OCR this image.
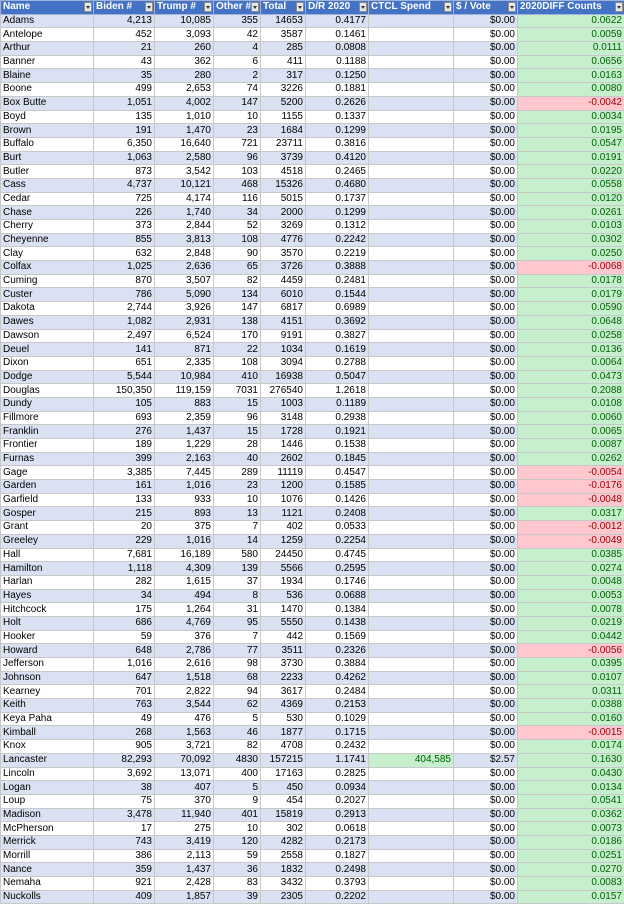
Name	Biden #	Trump #	Other #	Total	D/R 2020	CTCL Spend	$ / Vote	2020DIFF Counts

Adams	4,213	10,085	355	14653	0.4177		$0.00	0.0622
Antelope	452	3,093	42	3587	0.1461		$0.00	0.0059
Arthur	21	260	4	285	0.0808		$0.00	0.0111
Banner	43	362	6	411	0.1188		$0.00	0.0656
Blaine	35	280	2	317	0.1250		$0.00	0.0163
Boone	499	2,653	74	3226	0.1881		$0.00	0.0080
Box Butte	1,051	4,002	147	5200	0.2626		$0.00	-0.0042
Boyd	135	1,010	10	1155	0.1337		$0.00	0.0034
Brown	191	1,470	23	1684	0.1299		$0.00	0.0195
Buffalo	6,350	16,640	721	23711	0.3816		$0.00	0.0547
Burt	1,063	2,580	96	3739	0.4120		$0.00	0.0191
Butler	873	3,542	103	4518	0.2465		$0.00	0.0220
Cass	4,737	10,121	468	15326	0.4680		$0.00	0.0558
Cedar	725	4,174	116	5015	0.1737		$0.00	0.0120
Chase	226	1,740	34	2000	0.1299		$0.00	0.0261
Cherry	373	2,844	52	3269	0.1312		$0.00	0.0103
Cheyenne	855	3,813	108	4776	0.2242		$0.00	0.0302
Clay	632	2,848	90	3570	0.2219		$0.00	0.0250
Colfax	1,025	2,636	65	3726	0.3888		$0.00	-0.0068
Cuming	870	3,507	82	4459	0.2481		$0.00	0.0178
Custer	786	5,090	134	6010	0.1544		$0.00	0.0179
Dakota	2,744	3,926	147	6817	0.6989		$0.00	0.0590
Dawes	1,082	2,931	138	4151	0.3692		$0.00	0.0648
Dawson	2,497	6,524	170	9191	0.3827		$0.00	0.0258
Deuel	141	871	22	1034	0.1619		$0.00	0.0136
Dixon	651	2,335	108	3094	0.2788		$0.00	0.0064
Dodge	5,544	10,984	410	16938	0.5047		$0.00	0.0473
Douglas	150,350	119,159	7031	276540	1.2618		$0.00	0.2088
Dundy	105	883	15	1003	0.1189		$0.00	0.0108
Fillmore	693	2,359	96	3148	0.2938		$0.00	0.0060
Franklin	276	1,437	15	1728	0.1921		$0.00	0.0065
Frontier	189	1,229	28	1446	0.1538		$0.00	0.0087
Furnas	399	2,163	40	2602	0.1845		$0.00	0.0262
Gage	3,385	7,445	289	11119	0.4547		$0.00	-0.0054
Garden	161	1,016	23	1200	0.1585		$0.00	-0.0176
Garfield	133	933	10	1076	0.1426		$0.00	-0.0048
Gosper	215	893	13	1121	0.2408		$0.00	0.0317
Grant	20	375	7	402	0.0533		$0.00	-0.0012
Greeley	229	1,016	14	1259	0.2254		$0.00	-0.0049
Hall	7,681	16,189	580	24450	0.4745		$0.00	0.0385
Hamilton	1,118	4,309	139	5566	0.2595		$0.00	0.0274
Harlan	282	1,615	37	1934	0.1746		$0.00	0.0048
Hayes	34	494	8	536	0.0688		$0.00	0.0053
Hitchcock	175	1,264	31	1470	0.1384		$0.00	0.0078
Holt	686	4,769	95	5550	0.1438		$0.00	0.0219
Hooker	59	376	7	442	0.1569		$0.00	0.0442
Howard	648	2,786	77	3511	0.2326		$0.00	-0.0056
Jefferson	1,016	2,616	98	3730	0.3884		$0.00	0.0395
Johnson	647	1,518	68	2233	0.4262		$0.00	0.0107
Kearney	701	2,822	94	3617	0.2484		$0.00	0.0311
Keith	763	3,544	62	4369	0.2153		$0.00	0.0388
Keya Paha	49	476	5	530	0.1029		$0.00	0.0160
Kimball	268	1,563	46	1877	0.1715		$0.00	-0.0015
Knox	905	3,721	82	4708	0.2432		$0.00	0.0174
Lancaster	82,293	70,092	4830	157215	1.1741	404,585	$2.57	0.1630
Lincoln	3,692	13,071	400	17163	0.2825		$0.00	0.0430
Logan	38	407	5	450	0.0934		$0.00	0.0134
Loup	75	370	9	454	0.2027		$0.00	0.0541
Madison	3,478	11,940	401	15819	0.2913		$0.00	0.0362
McPherson	17	275	10	302	0.0618		$0.00	0.0073
Merrick	743	3,419	120	4282	0.2173		$0.00	0.0186
Morrill	386	2,113	59	2558	0.1827		$0.00	0.0251
Nance	359	1,437	36	1832	0.2498		$0.00	0.0270
Nemaha	921	2,428	83	3432	0.3793		$0.00	0.0083
Nuckolls	409	1,857	39	2305	0.2202		$0.00	0.0157
